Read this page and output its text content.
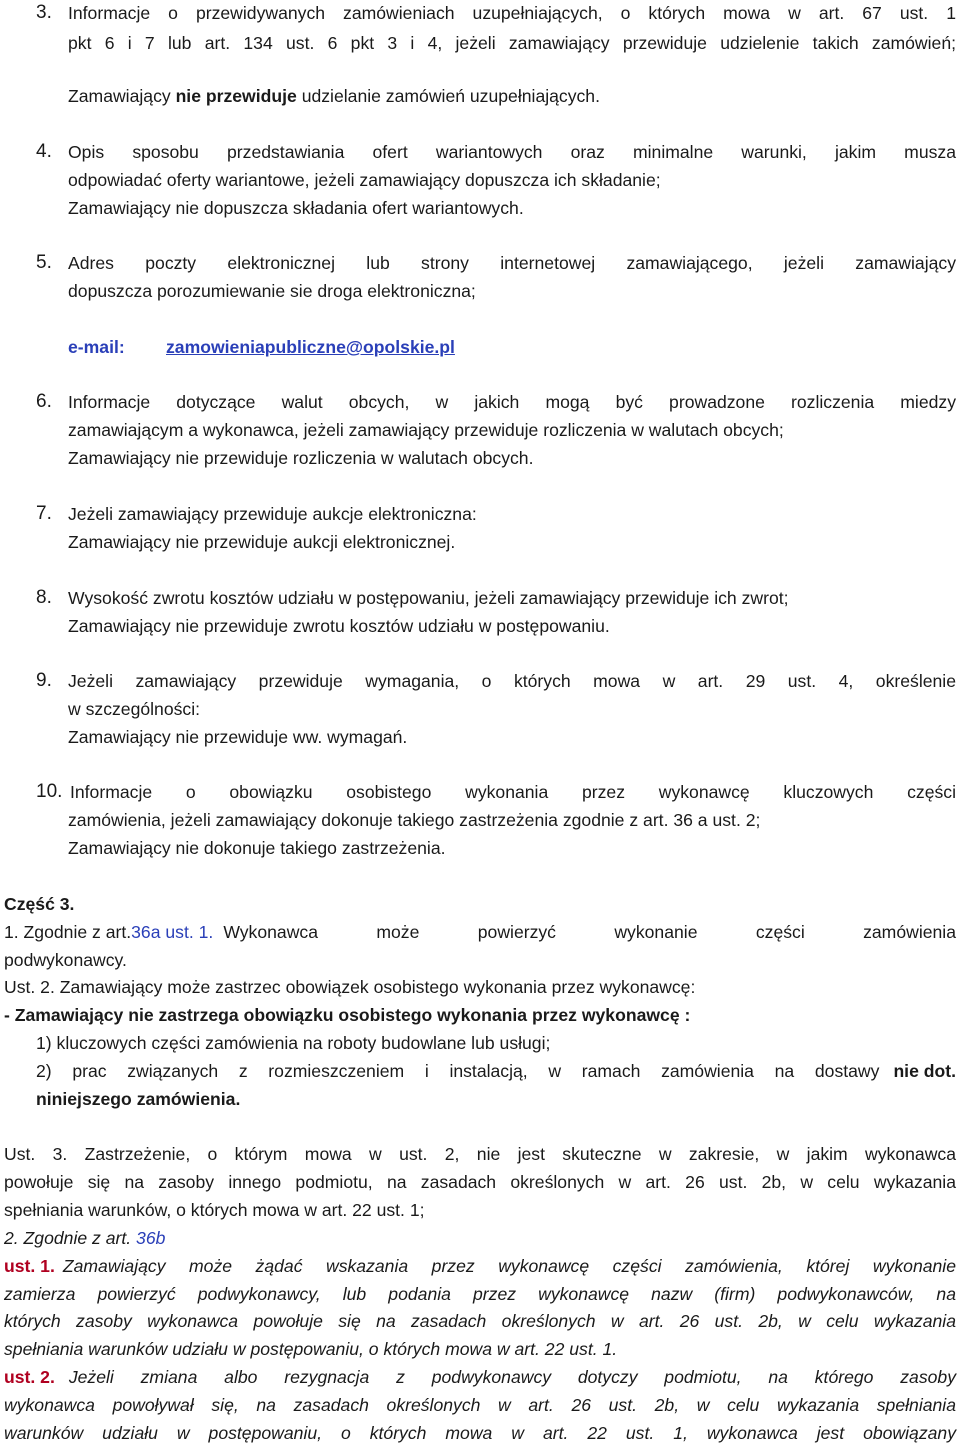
3. Informacje o przewidywanych zamówieniach uzupełniających, o których mowa w art. 67 ust. 1
pkt 6 i 7 lub art. 134 ust. 6 pkt 3 i 4, jeżeli zamawiający przewiduje udzielenie takich zamówień;
Zamawiający nie przewiduje udzielanie zamówień uzupełniających.
4. Opis sposobu przedstawiania ofert wariantowych oraz minimalne warunki, jakim musza
odpowiadać oferty wariantowe, jeżeli zamawiający dopuszcza ich składanie;
Zamawiający nie dopuszcza składania ofert wariantowych.
5. Adres poczty elektronicznej lub strony internetowej zamawiającego, jeżeli zamawiający
dopuszcza porozumiewanie sie droga elektroniczna;
e-mail: zamowieniapubliczne@opolskie.pl
6. Informacje dotyczące walut obcych, w jakich mogą być prowadzone rozliczenia miedzy
zamawiającym a wykonawca, jeżeli zamawiający przewiduje rozliczenia w walutach obcych;
Zamawiający nie przewiduje rozliczenia w walutach obcych.
7. Jeżeli zamawiający przewiduje aukcje elektroniczna:
Zamawiający nie przewiduje aukcji elektronicznej.
8. Wysokość zwrotu kosztów udziału w postępowaniu, jeżeli zamawiający przewiduje ich zwrot;
Zamawiający nie przewiduje zwrotu kosztów udziału w postępowaniu.
9. Jeżeli zamawiający przewiduje wymagania, o których mowa w art. 29 ust. 4, określenie
w szczególności:
Zamawiający nie przewiduje ww. wymagań.
10. Informacje o obowiązku osobistego wykonania przez wykonawcę kluczowych części
zamówienia, jeżeli zamawiający dokonuje takiego zastrzeżenia zgodnie z art. 36 a ust. 2;
Zamawiający nie dokonuje takiego zastrzeżenia.
Część 3.
1. Zgodnie z art. 36a ust. 1. Wykonawca może powierzyć wykonanie części zamówienia
podwykonawcy.
Ust. 2. Zamawiający może zastrzec obowiązek osobistego wykonania przez wykonawcę:
- Zamawiający nie zastrzega obowiązku osobistego wykonania przez wykonawcę :
1) kluczowych części zamówienia na roboty budowlane lub usługi;
2) prac związanych z rozmieszczeniem i instalacją, w ramach zamówienia na dostawy nie dot.
niniejszego zamówienia.
Ust. 3. Zastrzeżenie, o którym mowa w ust. 2, nie jest skuteczne w zakresie, w jakim wykonawca
powołuje się na zasoby innego podmiotu, na zasadach określonych w art. 26 ust. 2b, w celu wykazania
spełniania warunków, o których mowa w art. 22 ust. 1;
2. Zgodnie z art. 36b
ust. 1. Zamawiający może żądać wskazania przez wykonawcę części zamówienia, której wykonanie
zamierza powierzyć podwykonawcy, lub podania przez wykonawcę nazw (firm) podwykonawców, na
których zasoby wykonawca powołuje się na zasadach określonych w art. 26 ust. 2b, w celu wykazania
spełniania warunków udziału w postępowaniu, o których mowa w art. 22 ust. 1.
ust. 2. Jeżeli zmiana albo rezygnacja z podwykonawcy dotyczy podmiotu, na którego zasoby
wykonawca powoływał się, na zasadach określonych w art. 26 ust. 2b, w celu wykazania spełniania
warunków udziału w postępowaniu, o których mowa w art. 22 ust. 1, wykonawca jest obowiązany
